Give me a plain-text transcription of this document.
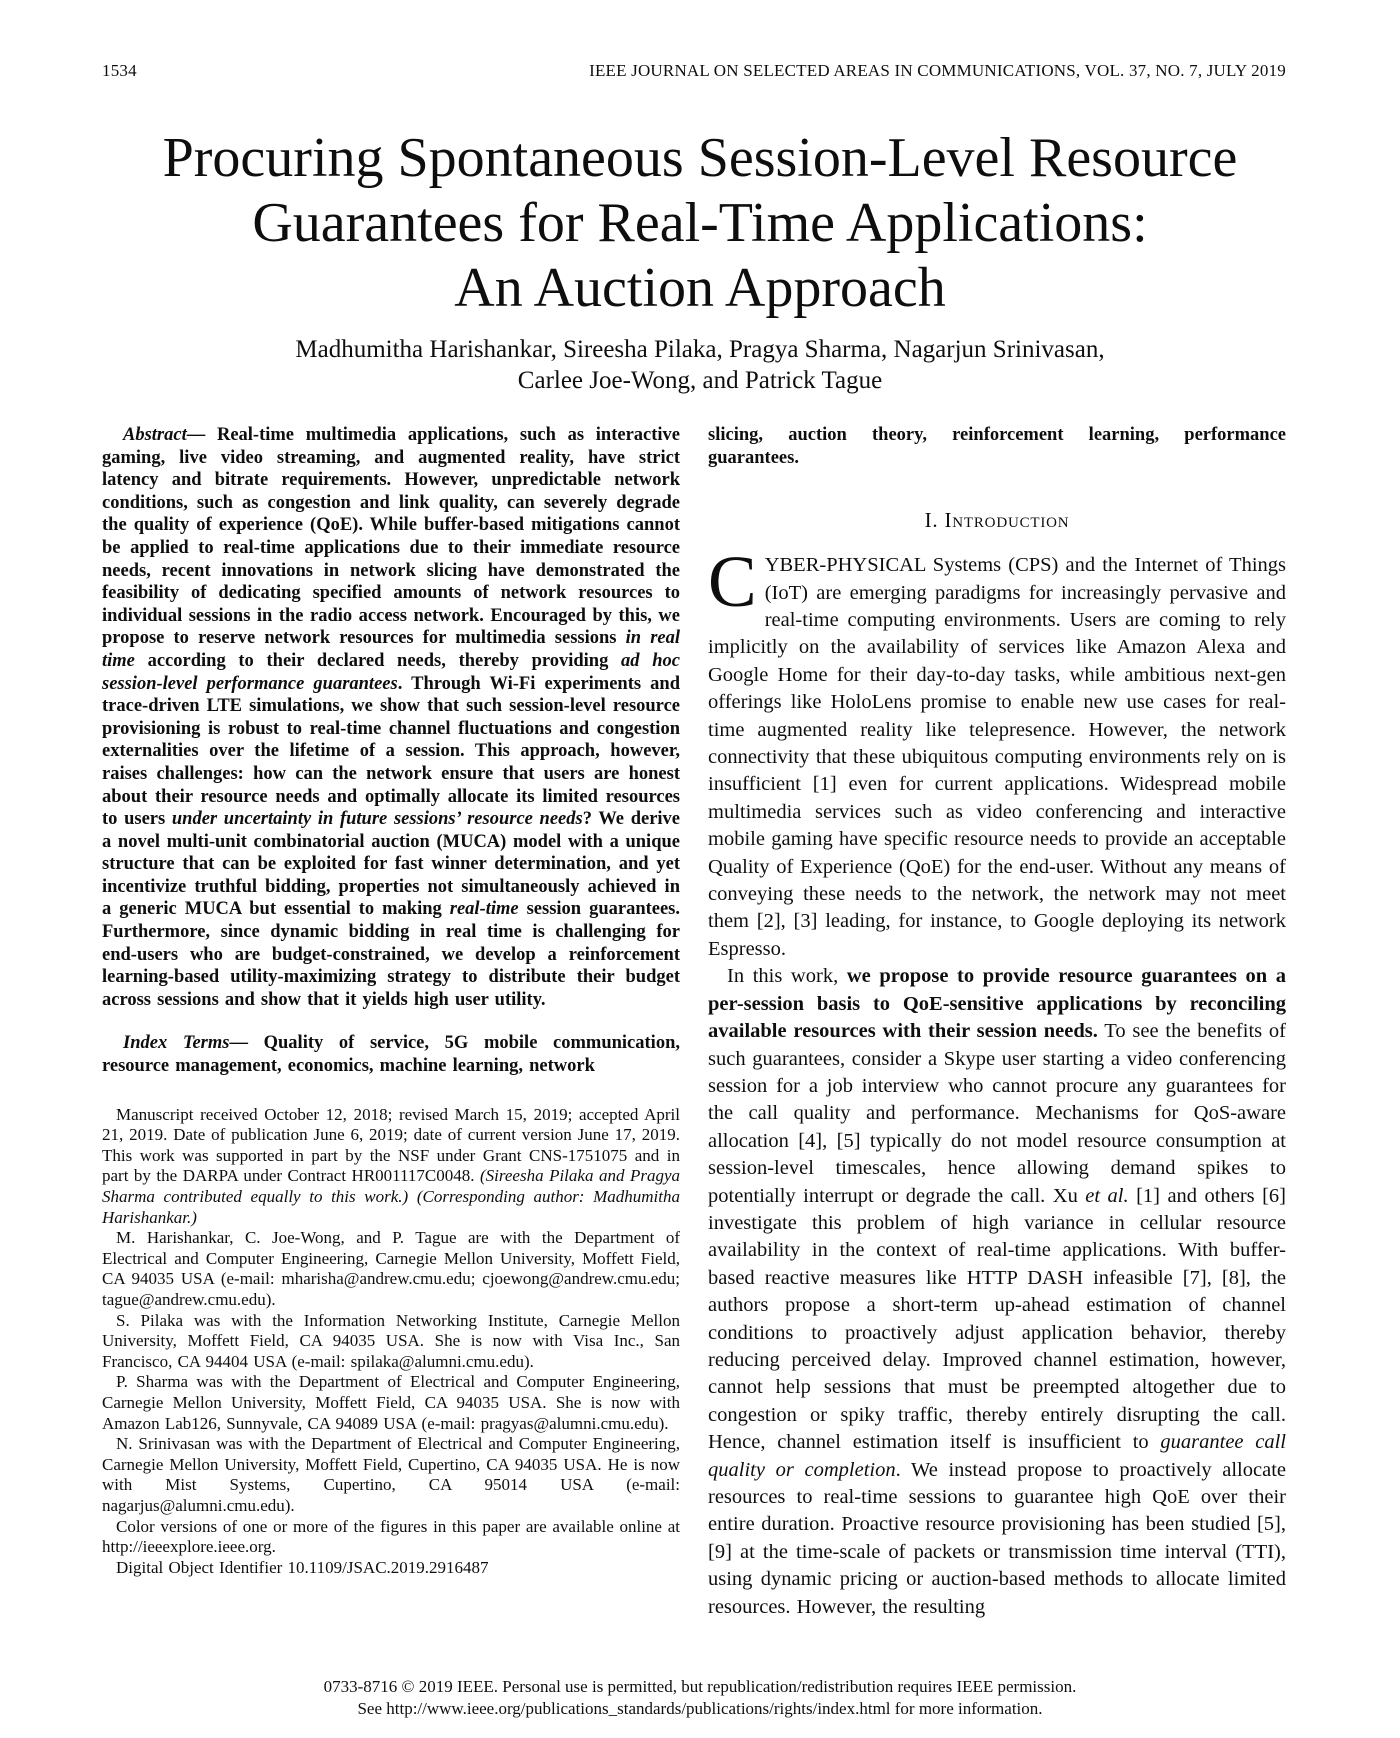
1534	IEEE JOURNAL ON SELECTED AREAS IN COMMUNICATIONS, VOL. 37, NO. 7, JULY 2019
Procuring Spontaneous Session-Level Resource
Guarantees for Real-Time Applications:
An Auction Approach
Madhumitha Harishankar, Sireesha Pilaka, Pragya Sharma, Nagarjun Srinivasan,
Carlee Joe-Wong, and Patrick Tague

Abstract— Real-time multimedia applications, such as interactive gaming, live video streaming, and augmented reality, have strict latency and bitrate requirements. However, unpredictable network conditions, such as congestion and link quality, can severely degrade the quality of experience (QoE). While buffer-based mitigations cannot be applied to real-time applications due to their immediate resource needs, recent innovations in network slicing have demonstrated the feasibility of dedicating specified amounts of network resources to individual sessions in the radio access network. Encouraged by this, we propose to reserve network resources for multimedia sessions in real time according to their declared needs, thereby providing ad hoc session-level performance guarantees. Through Wi-Fi experiments and trace-driven LTE simulations, we show that such session-level resource provisioning is robust to real-time channel fluctuations and congestion externalities over the lifetime of a session. This approach, however, raises challenges: how can the network ensure that users are honest about their resource needs and optimally allocate its limited resources to users under uncertainty in future sessions’ resource needs? We derive a novel multi-unit combinatorial auction (MUCA) model with a unique structure that can be exploited for fast winner determination, and yet incentivize truthful bidding, properties not simultaneously achieved in a generic MUCA but essential to making real-time session guarantees. Furthermore, since dynamic bidding in real time is challenging for end-users who are budget-constrained, we develop a reinforcement learning-based utility-maximizing strategy to distribute their budget across sessions and show that it yields high user utility.

Index Terms— Quality of service, 5G mobile communication, resource management, economics, machine learning, network

Manuscript received October 12, 2018; revised March 15, 2019; accepted April 21, 2019. Date of publication June 6, 2019; date of current version June 17, 2019. This work was supported in part by the NSF under Grant CNS-1751075 and in part by the DARPA under Contract HR001117C0048. (Sireesha Pilaka and Pragya Sharma contributed equally to this work.) (Corresponding author: Madhumitha Harishankar.)

M. Harishankar, C. Joe-Wong, and P. Tague are with the Department of Electrical and Computer Engineering, Carnegie Mellon University, Moffett Field, CA 94035 USA (e-mail: mharisha@andrew.cmu.edu; cjoewong@andrew.cmu.edu; tague@andrew.cmu.edu).

S. Pilaka was with the Information Networking Institute, Carnegie Mellon University, Moffett Field, CA 94035 USA. She is now with Visa Inc., San Francisco, CA 94404 USA (e-mail: spilaka@alumni.cmu.edu).

P. Sharma was with the Department of Electrical and Computer Engineering, Carnegie Mellon University, Moffett Field, CA 94035 USA. She is now with Amazon Lab126, Sunnyvale, CA 94089 USA (e-mail: pragyas@alumni.cmu.edu).

N. Srinivasan was with the Department of Electrical and Computer Engineering, Carnegie Mellon University, Moffett Field, Cupertino, CA 94035 USA. He is now with Mist Systems, Cupertino, CA 95014 USA (e-mail: nagarjus@alumni.cmu.edu).

Color versions of one or more of the figures in this paper are available online at http://ieeexplore.ieee.org.

Digital Object Identifier 10.1109/JSAC.2019.2916487

slicing, auction theory, reinforcement learning, performance guarantees.

I. Introduction

CYBER-PHYSICAL Systems (CPS) and the Internet of Things (IoT) are emerging paradigms for increasingly pervasive and real-time computing environments. Users are coming to rely implicitly on the availability of services like Amazon Alexa and Google Home for their day-to-day tasks, while ambitious next-gen offerings like HoloLens promise to enable new use cases for real-time augmented reality like telepresence. However, the network connectivity that these ubiquitous computing environments rely on is insufficient [1] even for current applications. Widespread mobile multimedia services such as video conferencing and interactive mobile gaming have specific resource needs to provide an acceptable Quality of Experience (QoE) for the end-user. Without any means of conveying these needs to the network, the network may not meet them [2], [3] leading, for instance, to Google deploying its network Espresso.

In this work, we propose to provide resource guarantees on a per-session basis to QoE-sensitive applications by reconciling available resources with their session needs. To see the benefits of such guarantees, consider a Skype user starting a video conferencing session for a job interview who cannot procure any guarantees for the call quality and performance. Mechanisms for QoS-aware allocation [4], [5] typically do not model resource consumption at session-level timescales, hence allowing demand spikes to potentially interrupt or degrade the call. Xu et al. [1] and others [6] investigate this problem of high variance in cellular resource availability in the context of real-time applications. With buffer-based reactive measures like HTTP DASH infeasible [7], [8], the authors propose a short-term up-ahead estimation of channel conditions to proactively adjust application behavior, thereby reducing perceived delay. Improved channel estimation, however, cannot help sessions that must be preempted altogether due to congestion or spiky traffic, thereby entirely disrupting the call. Hence, channel estimation itself is insufficient to guarantee call quality or completion. We instead propose to proactively allocate resources to real-time sessions to guarantee high QoE over their entire duration. Proactive resource provisioning has been studied [5], [9] at the time-scale of packets or transmission time interval (TTI), using dynamic pricing or auction-based methods to allocate limited resources. However, the resulting

0733-8716 © 2019 IEEE. Personal use is permitted, but republication/redistribution requires IEEE permission.
See http://www.ieee.org/publications_standards/publications/rights/index.html for more information.
